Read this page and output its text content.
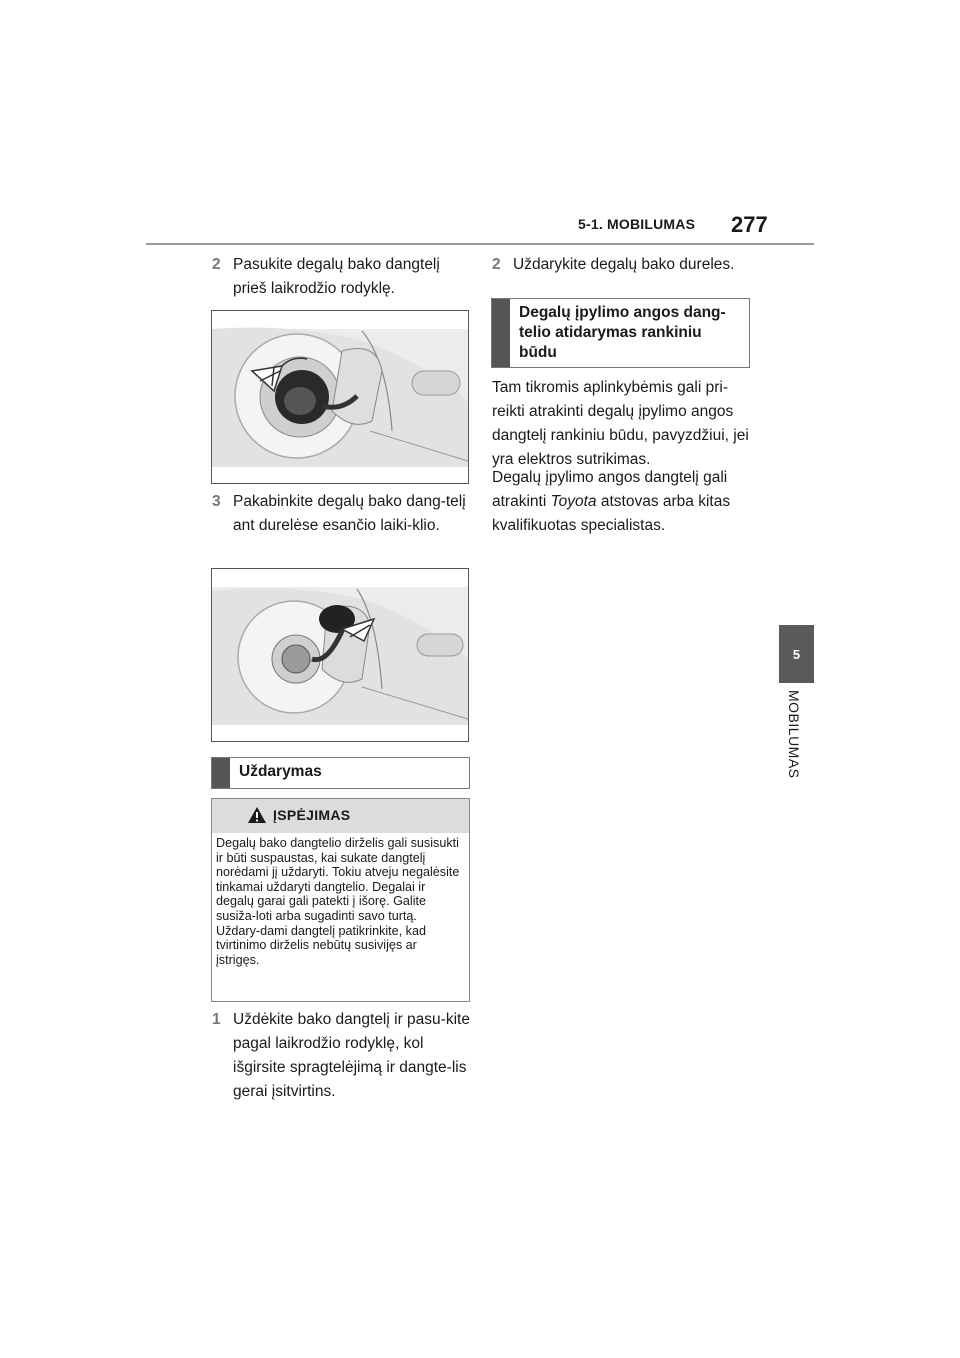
5-1. MOBILUMAS 277
5
MOBILUMAS
2 Pasukite degalų bako dangtelį prieš laikrodžio rodyklę.
3 Pakabinkite degalų bako dang-telį ant durelėse esančio laiki-klio.
Uždarymas
ĮSPĖJIMAS
Degalų bako dangtelio dirželis gali susisukti ir būti suspaustas, kai sukate dangtelį norėdami jį uždaryti. Tokiu atveju negalėsite tinkamai uždaryti dangtelio. Degalai ir degalų garai gali patekti į išorę. Galite susiža-loti arba sugadinti savo turtą. Uždary-dami dangtelį patikrinkite, kad tvirtinimo dirželis nebūtų susivijęs ar įstrigęs.
1 Uždėkite bako dangtelį ir pasu-kite pagal laikrodžio rodyklę, kol išgirsite spragtelėjimą ir dangte-lis gerai įsitvirtins.
2 Uždarykite degalų bako dureles.
Degalų įpylimo angos dang-telio atidarymas rankiniu būdu
Tam tikromis aplinkybėmis gali pri-reikti atrakinti degalų įpylimo angos dangtelį rankiniu būdu, pavyzdžiui, jei yra elektros sutrikimas.
Degalų įpylimo angos dangtelį gali atrakinti Toyota atstovas arba kitas kvalifikuotas specialistas.
